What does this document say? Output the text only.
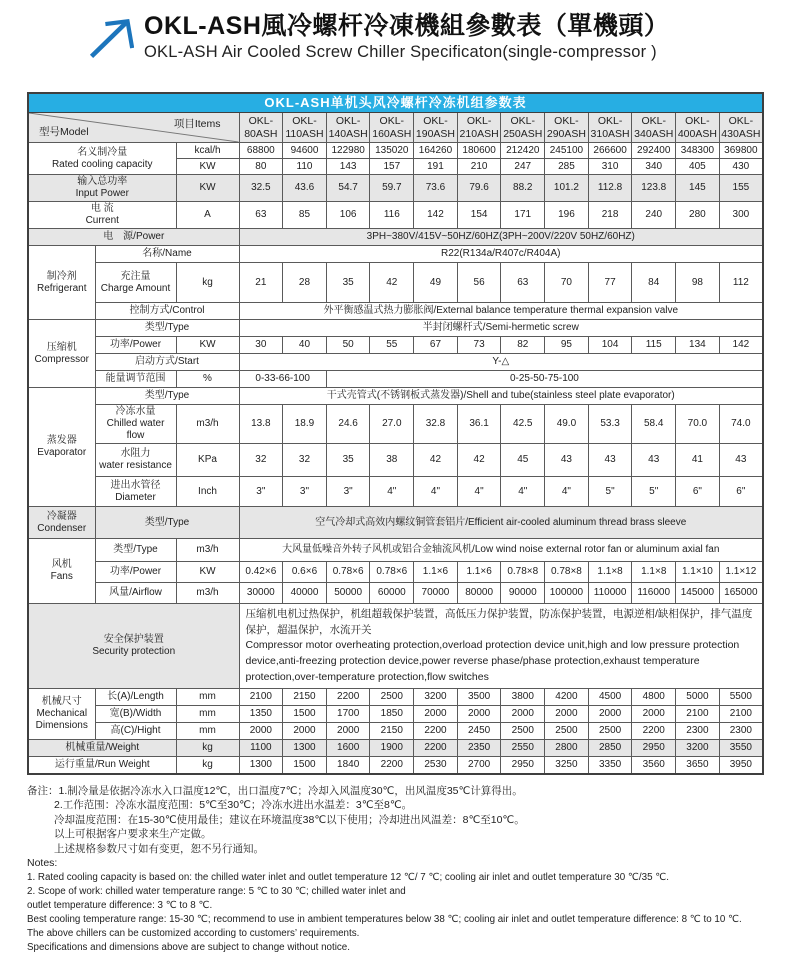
OKL-ASH風冷螺杆冷凍機組參數表（單機頭）
OKL-ASH Air Cooled Screw Chiller Specificaton(single-compressor )
OKL-ASH单机头风冷螺杆冷冻机组参数表														

型号Model
项目Items			OKL-80ASH	OKL-110ASH	OKL-140ASH	OKL-160ASH	OKL-190ASH	OKL-210ASH	OKL-250ASH	OKL-290ASH	OKL-310ASH	OKL-340ASH	OKL-400ASH	OKL-430ASH

名义制冷量
Rated cooling capacity		kcal/h	68800	94600	122980	135020	164260	180600	212420	245100	266600	292400	348300	369800
		KW	80	110	143	157	191	210	247	285	310	340	405	430

输入总功率
Input Power		KW	32.5	43.6	54.7	59.7	73.6	79.6	88.2	101.2	112.8	123.8	145	155

电 流
Current		A	63	85	106	116	142	154	171	196	218	240	280	300
电　源/Power			3PH~380V/415V~50HZ/60HZ(3PH~200V/220V 50HZ/60HZ)											

制冷剂
Refrigerant	名称/Name		R22(R134a/R407c/R404A)											

	充注量
Charge Amount	kg	21	28	35	42	49	56	63	70	77	84	98	112
	控制方式/Control		外平衡感温式热力膨胀阀/External balance temperature thermal expansion valve											

压缩机
Compressor	类型/Type		半封闭螺杆式/Semi-hermetic screw											
	功率/Power	KW	30	40	50	55	67	73	82	95	104	115	134	142
	启动方式/Start		Y-△											
	能量调节范围	%	0-33-66-100		0-25-50-75-100									

蒸发器
Evaporator	类型/Type		干式壳管式(不锈钢板式蒸发器)/Shell and tube(stainless steel plate evaporator)											

	冷冻水量
Chilled water flow	m3/h	13.8	18.9	24.6	27.0	32.8	36.1	42.5	49.0	53.3	58.4	70.0	74.0

	水阻力
water resistance	KPa	32	32	35	38	42	42	45	43	43	43	41	43

	进出水管径
Diameter	Inch	3"	3"	3"	4"	4"	4"	4"	4"	5"	5"	6"	6"

冷凝器
Condenser	类型/Type		空气冷却式高效内螺纹铜管套铝片/Efficient air-cooled aluminum thread brass sleeve											

风机
Fans	类型/Type	m3/h	大风量低噪音外转子风机或铝合金轴流风机/Low wind noise external rotor fan or aluminum axial fan											
	功率/Power	KW	0.42×6	0.6×6	0.78×6	0.78×6	1.1×6	1.1×6	0.78×8	0.78×8	1.1×8	1.1×8	1.1×10	1.1×12
	风量/Airflow	m3/h	30000	40000	50000	60000	70000	80000	90000	100000	110000	116000	145000	165000

安全保护装置
Security protection

压缩机电机过热保护，机组超载保护装置，高低压力保护装置，防冻保护装置，电源逆相/缺相保护，排气温度保护，超温保护，水流开关
Compressor motor overheating protection,overload protection device unit,high and low pressure protection device,anti-freezing protection device,power reverse phase/phase protection,exhaust temperature protection,over-temperature protection,flow switches

机械尺寸
Mechanical
Dimensions	长(A)/Length	mm	2100	2150	2200	2500	3200	3500	3800	4200	4500	4800	5000	5500
	宽(B)/Width	mm	1350	1500	1700	1850	2000	2000	2000	2000	2000	2000	2100	2100
	高(C)/Hight	mm	2000	2000	2000	2150	2200	2450	2500	2500	2500	2200	2300	2300
机械重量/Weight		kg	1100	1300	1600	1900	2200	2350	2550	2800	2850	2950	3200	3550
运行重量/Run Weight		kg	1300	1500	1840	2200	2530	2700	2950	3250	3350	3560	3650	3950
备注：1.制冷量是依据冷冻水入口温度12℃，出口温度7℃；冷却入风温度30℃，出风温度35℃计算得出。
2.工作范围：冷冻水温度范围：5℃至30℃；冷冻水进出水温差：3℃至8℃。
冷却温度范围：在15-30℃使用最佳；建议在环境温度38℃以下使用；冷却进出风温差：8℃至10℃。
以上可根据客户要求来生产定做。
上述规格参数尺寸如有变更，恕不另行通知。
Notes:
1. Rated cooling capacity is based on: the chilled water inlet and outlet temperature 12 ℃/ 7 ℃; cooling air inlet and outlet temperature 30 ℃/35 ℃.
2. Scope of work: chilled water temperature range: 5 ℃ to 30 ℃; chilled water inlet and
outlet temperature difference: 3 ℃ to 8 ℃.
Best cooling temperature range: 15-30 ℃; recommend to use in ambient temperatures below 38 ℃; cooling air inlet and outlet temperature difference: 8 ℃ to 10 ℃.
The above chillers can be customized according to customers’ requirements.
Specifications and dimensions above are subject to change without notice.
